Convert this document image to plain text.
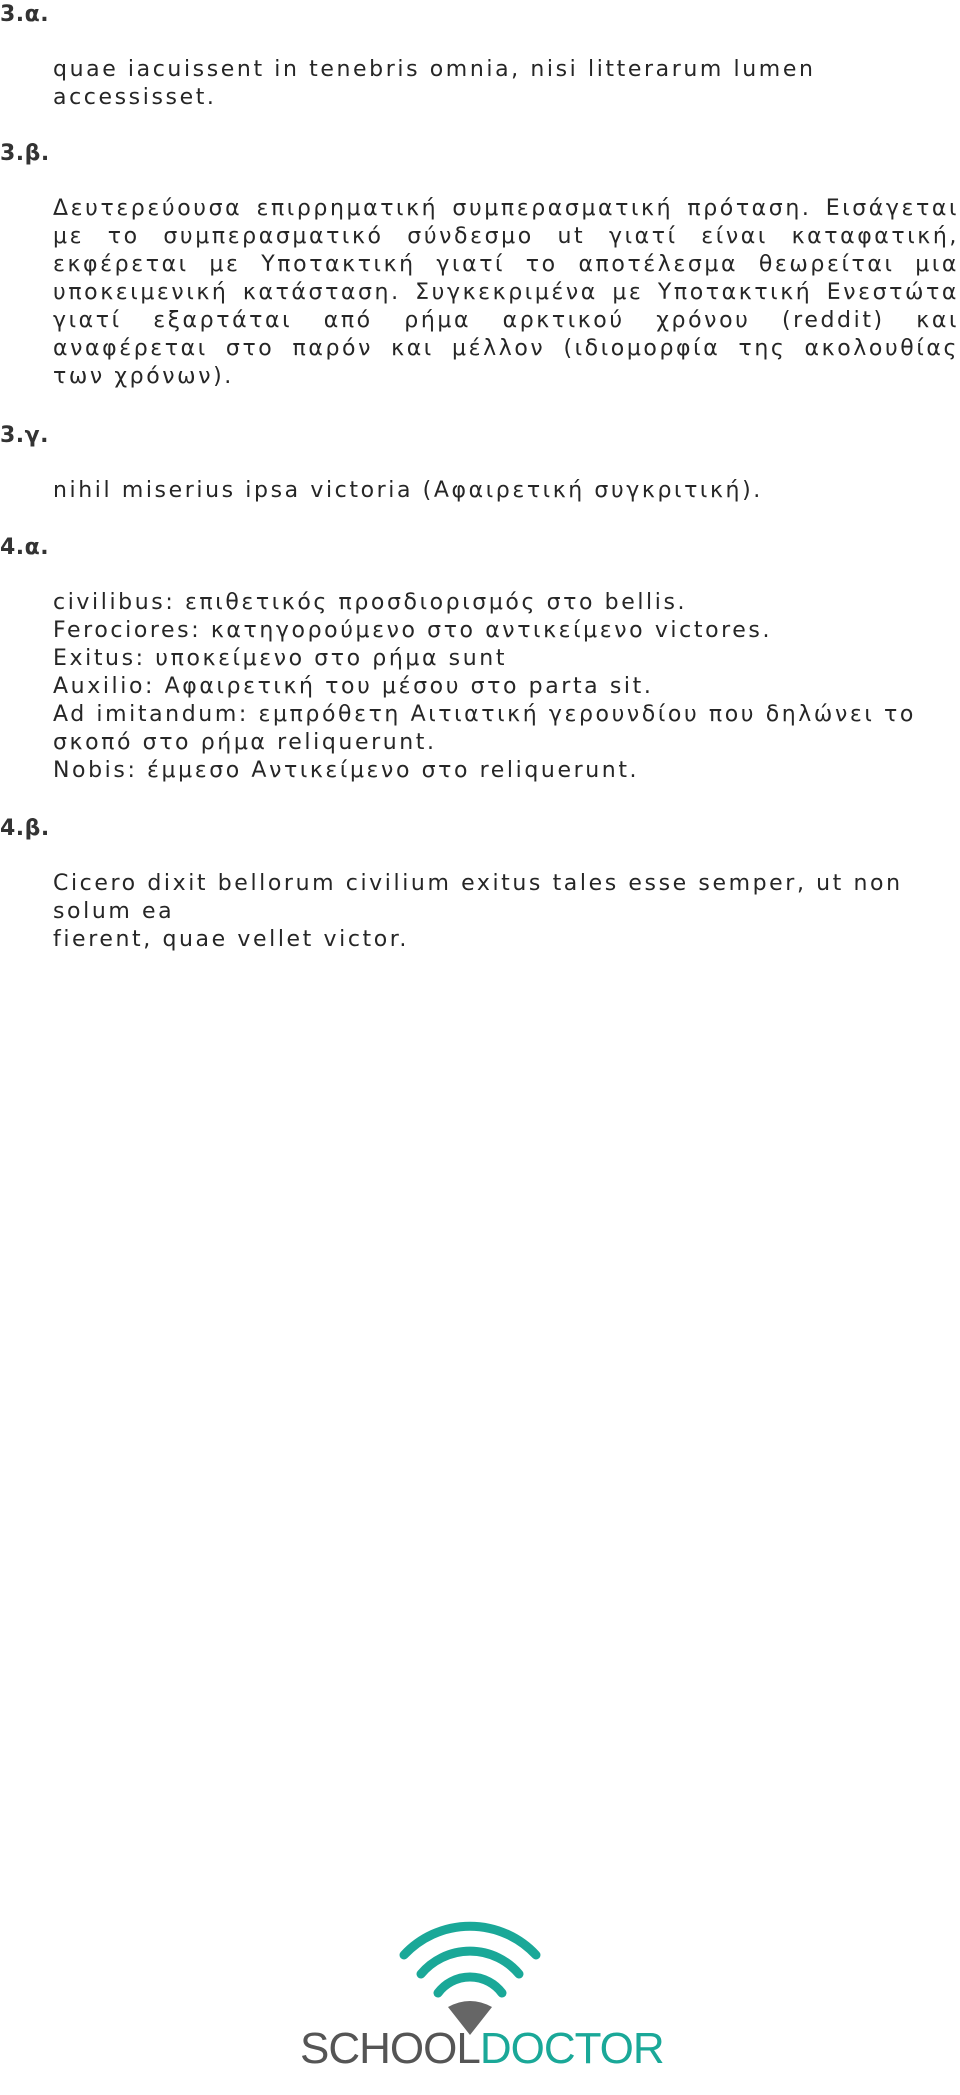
3.α.
quae iacuissent in tenebris omnia, nisi litterarum lumen
accessisset.
3.β.
Δευτερεύουσα επιρρηματική συμπερασματική πρόταση. Εισάγεται
με το συμπερασματικό σύνδεσμο ut γιατί είναι καταφατική,
εκφέρεται με Υποτακτική γιατί το αποτέλεσμα θεωρείται μια
υποκειμενική κατάσταση. Συγκεκριμένα με Υποτακτική Ενεστώτα
γιατί εξαρτάται από ρήμα αρκτικού χρόνου (reddit) και
αναφέρεται στο παρόν και μέλλον (ιδιομορφία της ακολουθίας
των χρόνων).
3.γ.
nihil miserius ipsa victoria (Αφαιρετική συγκριτική).
4.α.
civilibus: επιθετικός προσδιορισμός στο bellis.
Ferociores: κατηγορούμενο στο αντικείμενο victores.
Exitus: υποκείμενο στο ρήμα sunt
Auxilio: Αφαιρετική του μέσου στο parta sit.
Ad imitandum: εμπρόθετη Αιτιατική γερουνδίου που δηλώνει το
σκοπό στο ρήμα reliquerunt.
Nobis: έμμεσο Αντικείμενο στο reliquerunt.
4.β.
Cicero dixit bellorum civilium exitus tales esse semper, ut non
solum ea
fierent, quae vellet victor.
SCHOOLDOCTOR
